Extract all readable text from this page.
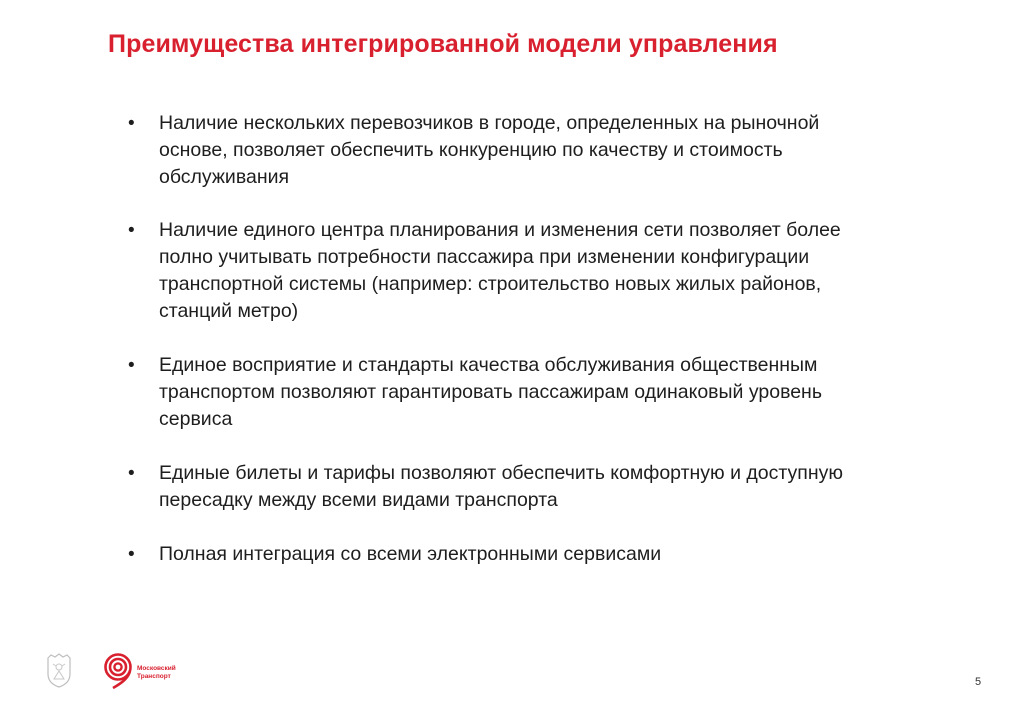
Преимущества интегрированной модели управления
• Наличие нескольких перевозчиков в городе, определенных на рыночной
основе, позволяет обеспечить конкуренцию по качеству и стоимость
обслуживания
• Наличие единого центра планирования и изменения сети позволяет более
полно учитывать потребности пассажира при изменении конфигурации
транспортной системы (например: строительство новых жилых районов,
станций метро)
• Единое восприятие и стандарты качества обслуживания общественным
транспортом позволяют гарантировать пассажирам одинаковый уровень
сервиса
• Единые билеты и тарифы позволяют обеспечить комфортную и доступную
пересадку между всеми видами транспорта
• Полная интеграция со всеми электронными сервисами
Московский
Транспорт	5
